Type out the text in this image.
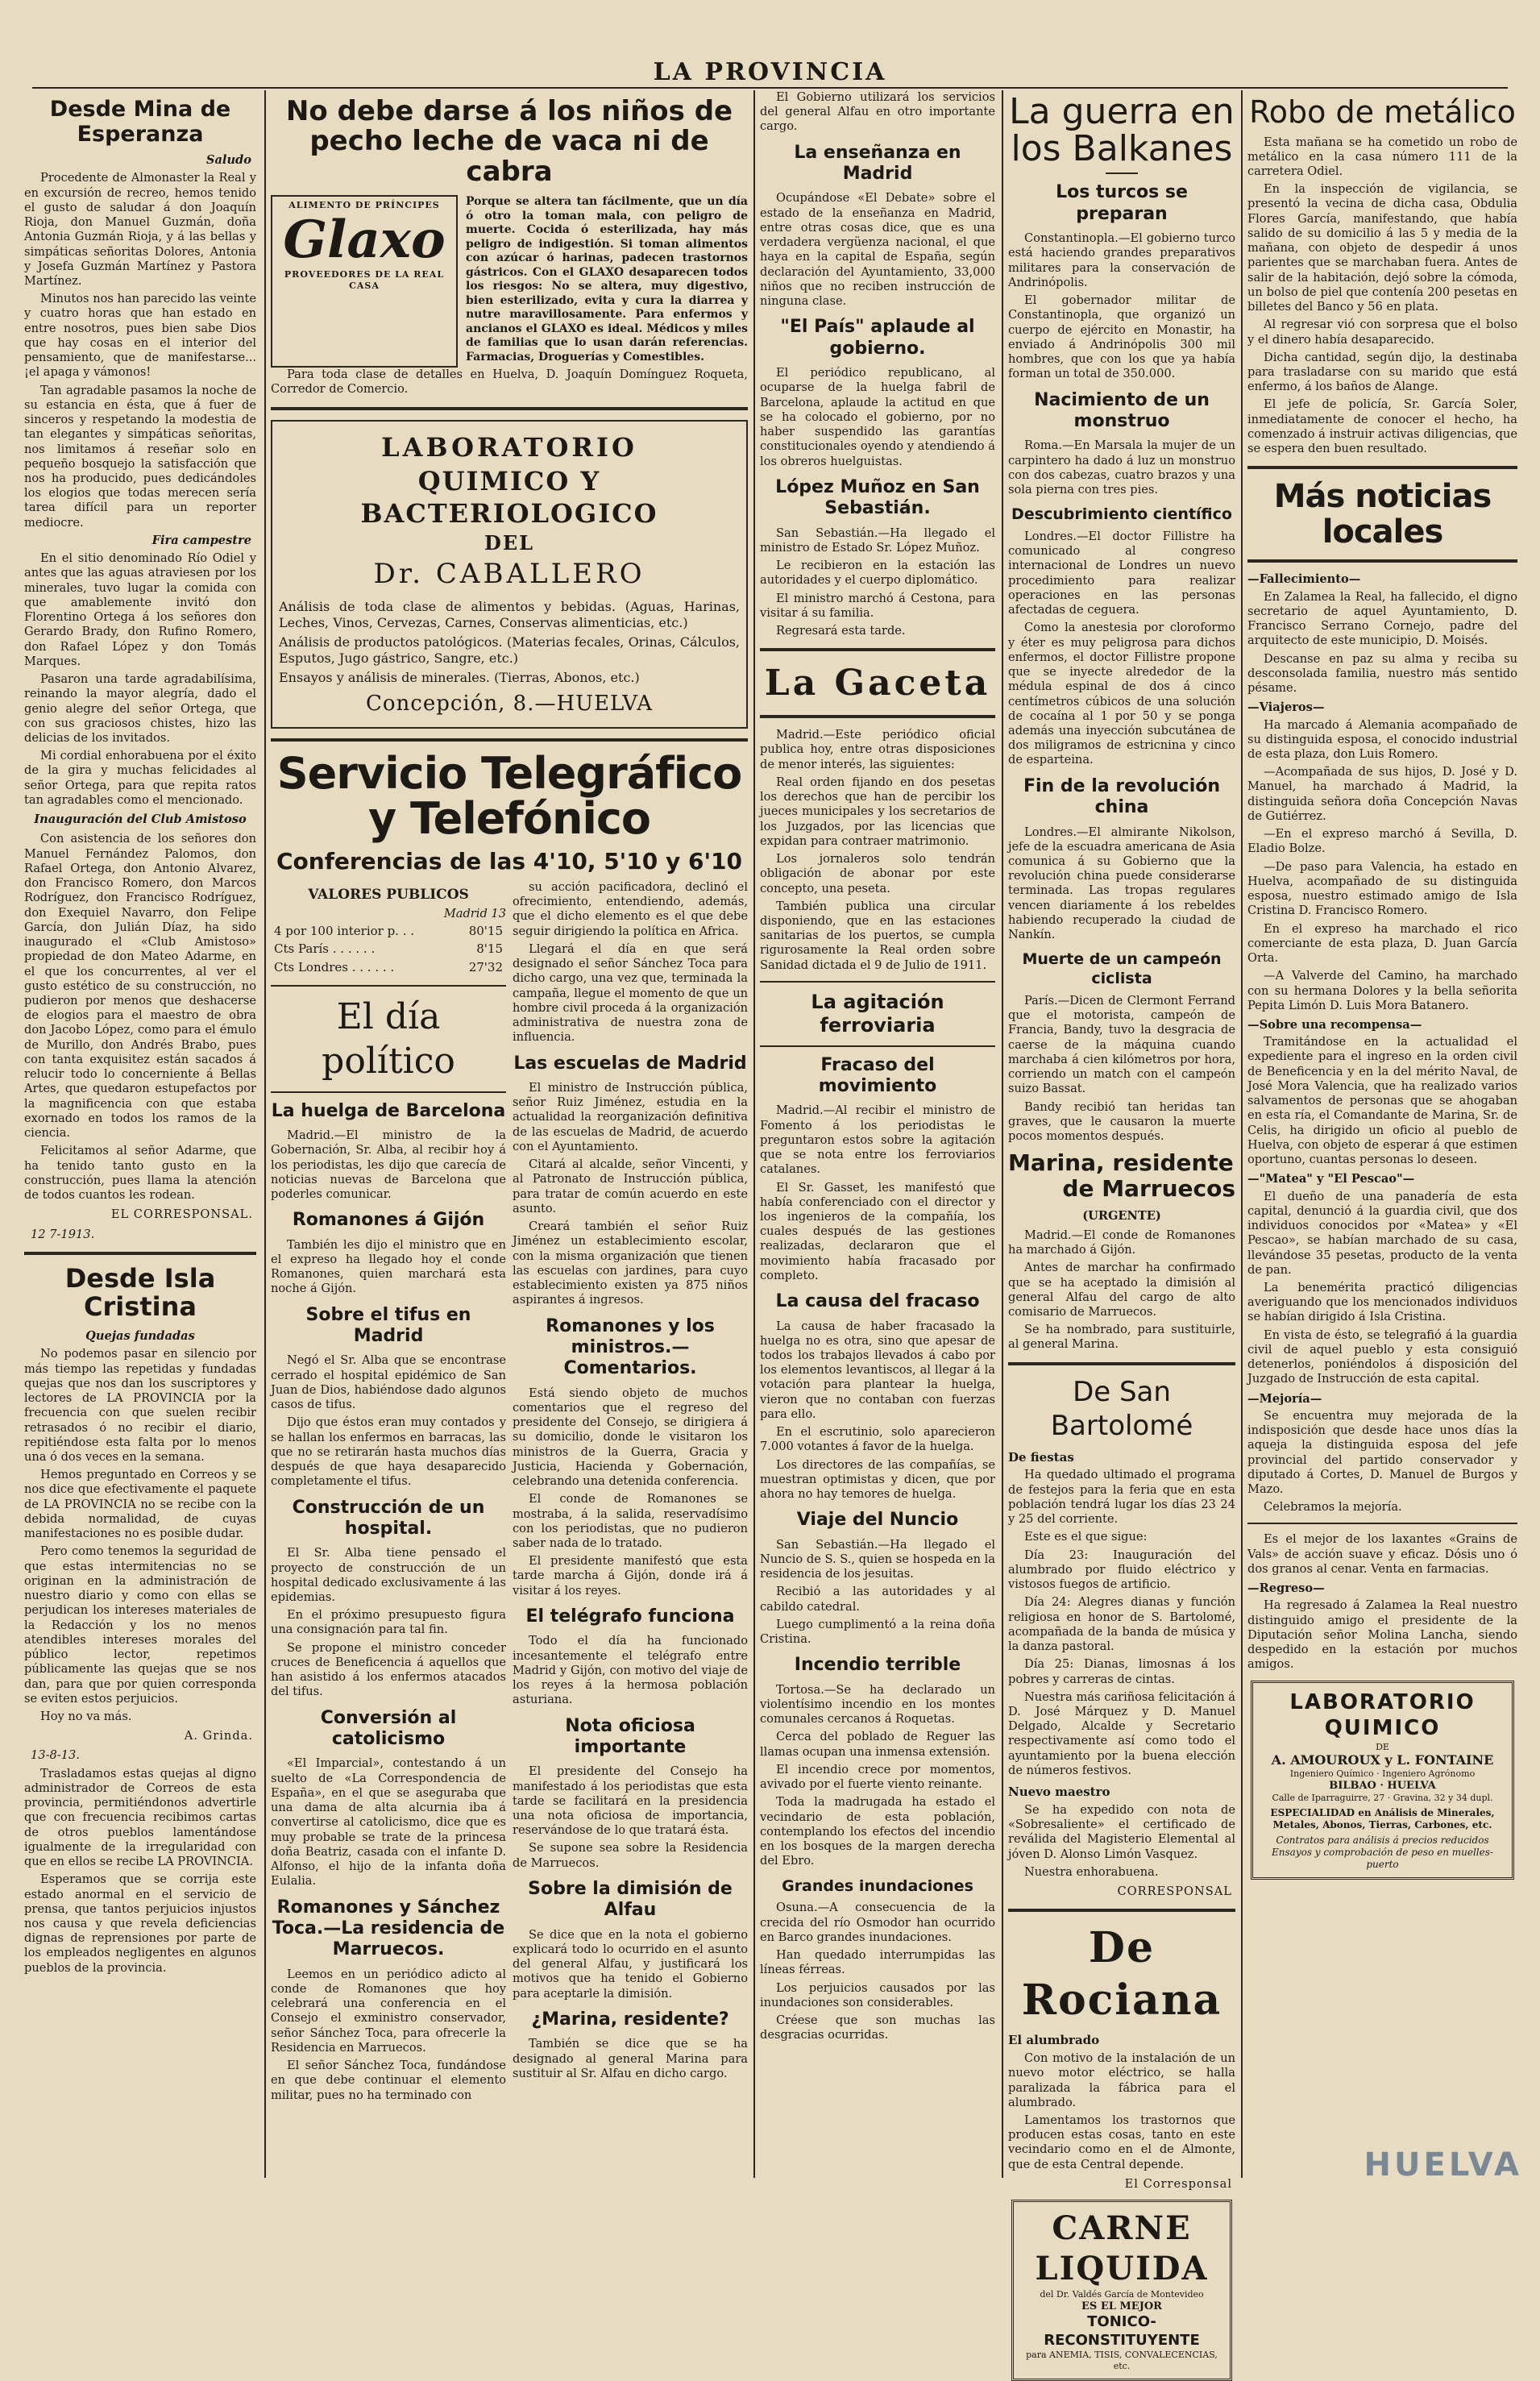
LA PROVINCIA
Desde Mina de Esperanza
Saludo

Procedente de Almonaster la Real y en excursión de recreo, hemos tenido el gusto de saludar á don Joaquín Rioja, don Manuel Guzmán, doña Antonia Guzmán Rioja, y á las bellas y simpáticas señoritas Dolores, Antonia y Josefa Guzmán Martínez y Pastora Martínez.

Minutos nos han parecido las veinte y cuatro horas que han estado en entre nosotros, pues bien sabe Dios que hay cosas en el interior del pensamiento, que de manifestarse... ¡el apaga y vámonos!

Tan agradable pasamos la noche de su estancia en ésta, que á fuer de sinceros y respetando la modestia de tan elegantes y simpáticas señoritas, nos limitamos á reseñar solo en pequeño bosquejo la satisfacción que nos ha producido, pues dedicándoles los elogios que todas merecen sería tarea difícil para un reporter mediocre.

Fira campestre

En el sitio denominado Río Odiel y antes que las aguas atraviesen por los minerales, tuvo lugar la comida con que amablemente invitó don Florentino Ortega á los señores don Gerardo Brady, don Rufino Romero, don Rafael López y don Tomás Marques.

Pasaron una tarde agradabilísima, reinando la mayor alegría, dado el genio alegre del señor Ortega, que con sus graciosos chistes, hizo las delicias de los invitados.

Mi cordial enhorabuena por el éxito de la gira y muchas felicidades al señor Ortega, para que repita ratos tan agradables como el mencionado.

Inauguración del Club Amistoso

Con asistencia de los señores don Manuel Fernández Palomos, don Rafael Ortega, don Antonio Alvarez, don Francisco Romero, don Marcos Rodríguez, don Francisco Rodríguez, don Exequiel Navarro, don Felipe García, don Julián Díaz, ha sido inaugurado el «Club Amistoso» propiedad de don Mateo Adarme, en el que los concurrentes, al ver el gusto estético de su construcción, no pudieron por menos que deshacerse de elogios para el maestro de obra don Jacobo López, como para el émulo de Murillo, don Andrés Brabo, pues con tanta exquisitez están sacados á relucir todo lo concerniente á Bellas Artes, que quedaron estupefactos por la magnificencia con que estaba exornado en todos los ramos de la ciencia.

Felicitamos al señor Adarme, que ha tenido tanto gusto en la construcción, pues llama la atención de todos cuantos les rodean.

EL CORRESPONSAL.
12 7-1913.
Desde Isla Cristina
Quejas fundadas

No podemos pasar en silencio por más tiempo las repetidas y fundadas quejas que nos dan los suscriptores y lectores de LA PROVINCIA por la frecuencia con que suelen recibir retrasados ó no recibir el diario, repitiéndose esta falta por lo menos una ó dos veces en la semana.

Hemos preguntado en Correos y se nos dice que efectivamente el paquete de LA PROVINCIA no se recibe con la debida normalidad, de cuyas manifestaciones no es posible dudar.

Pero como tenemos la seguridad de que estas intermitencias no se originan en la administración de nuestro diario y como con ellas se perjudican los intereses materiales de la Redacción y los no menos atendibles intereses morales del público lector, repetimos públicamente las quejas que se nos dan, para que por quien corresponda se eviten estos perjuicios.

Hoy no va más.

A. Grinda.
13-8-13.

Trasladamos estas quejas al digno administrador de Correos de esta provincia, permitiéndonos advertirle que con frecuencia recibimos cartas de otros pueblos lamentándose igualmente de la irregularidad con que en ellos se recibe LA PROVINCIA.

Esperamos que se corrija este estado anormal en el servicio de prensa, que tantos perjuicios injustos nos causa y que revela deficiencias dignas de reprensiones por parte de los empleados negligentes en algunos pueblos de la provincia.

No debe darse á los niños de pecho leche de vaca ni de cabra
ALIMENTO DE PRÍNCIPES
Glaxo
PROVEEDORES DE LA REAL CASA

Porque se altera tan fácilmente, que un día ó otro la toman mala, con peligro de muerte. Cocida ó esterilizada, hay más peligro de indigestión. Si toman alimentos con azúcar ó harinas, padecen trastornos gástricos. Con el GLAXO desaparecen todos los riesgos: No se altera, muy digestivo, bien esterilizado, evita y cura la diarrea y nutre maravillosamente. Para enfermos y ancianos el GLAXO es ideal. Médicos y miles de familias que lo usan darán referencias. Farmacias, Droguerías y Comestibles.

Para toda clase de detalles en Huelva, D. Joaquín Domínguez Roqueta, Corredor de Comercio.

LABORATORIO
QUIMICO Y BACTERIOLOGICO
DEL
Dr. CABALLERO

Análisis de toda clase de alimentos y bebidas. (Aguas, Harinas, Leches, Vinos, Cervezas, Carnes, Conservas alimenticias, etc.)

Análisis de productos patológicos. (Materias fecales, Orinas, Cálculos, Esputos, Jugo gástrico, Sangre, etc.)

Ensayos y análisis de minerales. (Tierras, Abonos, etc.)

Concepción, 8.—HUELVA
Servicio Telegráfico y Telefónico
Conferencias de las 4'10, 5'10 y 6'10
VALORES PUBLICOS
Madrid 13
4 por 100 interior p. . .	80'15
Cts París . . . . . .	8'15
Cts Londres . . . . . .	27'32
El día político
La huelga de Barcelona

Madrid.—El ministro de la Gobernación, Sr. Alba, al recibir hoy á los periodistas, les dijo que carecía de noticias nuevas de Barcelona que poderles comunicar.

Romanones á Gijón

También les dijo el ministro que en el expreso ha llegado hoy el conde Romanones, quien marchará esta noche á Gijón.

Sobre el tifus en Madrid

Negó el Sr. Alba que se encontrase cerrado el hospital epidémico de San Juan de Dios, habiéndose dado algunos casos de tifus.

Dijo que éstos eran muy contados y se hallan los enfermos en barracas, las que no se retirarán hasta muchos días después de que haya desaparecido completamente el tifus.

Construcción de un hospital.

El Sr. Alba tiene pensado el proyecto de construcción de un hospital dedicado exclusivamente á las epidemias.

En el próximo presupuesto figura una consignación para tal fin.

Se propone el ministro conceder cruces de Beneficencia á aquellos que han asistido á los enfermos atacados del tifus.

Conversión al catolicismo

«El Imparcial», contestando á un suelto de «La Correspondencia de España», en el que se aseguraba que una dama de alta alcurnia iba á convertirse al catolicismo, dice que es muy probable se trate de la princesa doña Beatriz, casada con el infante D. Alfonso, el hijo de la infanta doña Eulalia.

Romanones y Sánchez Toca.—La residencia de Marruecos.

Leemos en un periódico adicto al conde de Romanones que hoy celebrará una conferencia en el Consejo el exministro conservador, señor Sánchez Toca, para ofrecerle la Residencia en Marruecos.

El señor Sánchez Toca, fundándose en que debe continuar el elemento militar, pues no ha terminado con

su acción pacificadora, declinó el ofrecimiento, entendiendo, además, que el dicho elemento es el que debe seguir dirigiendo la política en Africa.

Llegará el día en que será designado el señor Sánchez Toca para dicho cargo, una vez que, terminada la campaña, llegue el momento de que un hombre civil proceda á la organización administrativa de nuestra zona de influencia.

Las escuelas de Madrid

El ministro de Instrucción pública, señor Ruiz Jiménez, estudia en la actualidad la reorganización definitiva de las escuelas de Madrid, de acuerdo con el Ayuntamiento.

Citará al alcalde, señor Vincenti, y al Patronato de Instrucción pública, para tratar de común acuerdo en este asunto.

Creará también el señor Ruiz Jiménez un establecimiento escolar, con la misma organización que tienen las escuelas con jardines, para cuyo establecimiento existen ya 875 niños aspirantes á ingresos.

Romanones y los ministros.—Comentarios.

Está siendo objeto de muchos comentarios que el regreso del presidente del Consejo, se dirigiera á su domicilio, donde le visitaron los ministros de la Guerra, Gracia y Justicia, Hacienda y Gobernación, celebrando una detenida conferencia.

El conde de Romanones se mostraba, á la salida, reservadísimo con los periodistas, que no pudieron saber nada de lo tratado.

El presidente manifestó que esta tarde marcha á Gijón, donde irá á visitar á los reyes.

El telégrafo funciona

Todo el día ha funcionado incesantemente el telégrafo entre Madrid y Gijón, con motivo del viaje de los reyes á la hermosa población asturiana.

Nota oficiosa importante

El presidente del Consejo ha manifestado á los periodistas que esta tarde se facilitará en la presidencia una nota oficiosa de importancia, reservándose de lo que tratará ésta.

Se supone sea sobre la Residencia de Marruecos.

Sobre la dimisión de Alfau

Se dice que en la nota el gobierno explicará todo lo ocurrido en el asunto del general Alfau, y justificará los motivos que ha tenido el Gobierno para aceptarle la dimisión.

¿Marina, residente?

También se dice que se ha designado al general Marina para sustituir al Sr. Alfau en dicho cargo.

El Gobierno utilizará los servicios del general Alfau en otro importante cargo.

La enseñanza en Madrid

Ocupándose «El Debate» sobre el estado de la enseñanza en Madrid, entre otras cosas dice, que es una verdadera vergüenza nacional, el que haya en la capital de España, según declaración del Ayuntamiento, 33,000 niños que no reciben instrucción de ninguna clase.

"El País" aplaude al gobierno.

El periódico republicano, al ocuparse de la huelga fabril de Barcelona, aplaude la actitud en que se ha colocado el gobierno, por no haber suspendido las garantías constitucionales oyendo y atendiendo á los obreros huelguistas.

López Muñoz en San Sebastián.

San Sebastián.—Ha llegado el ministro de Estado Sr. López Muñoz.

Le recibieron en la estación las autoridades y el cuerpo diplomático.

El ministro marchó á Cestona, para visitar á su familia.

Regresará esta tarde.

La Gaceta

Madrid.—Este periódico oficial publica hoy, entre otras disposiciones de menor interés, las siguientes:

Real orden fijando en dos pesetas los derechos que han de percibir los jueces municipales y los secretarios de los Juzgados, por las licencias que expidan para contraer matrimonio.

Los jornaleros solo tendrán obligación de abonar por este concepto, una peseta.

También publica una circular disponiendo, que en las estaciones sanitarias de los puertos, se cumpla rigurosamente la Real orden sobre Sanidad dictada el 9 de Julio de 1911.

La agitación ferroviaria
Fracaso del movimiento

Madrid.—Al recibir el ministro de Fomento á los periodistas le preguntaron estos sobre la agitación que se nota entre los ferroviarios catalanes.

El Sr. Gasset, les manifestó que había conferenciado con el director y los ingenieros de la compañía, los cuales después de las gestiones realizadas, declararon que el movimiento había fracasado por completo.

La causa del fracaso

La causa de haber fracasado la huelga no es otra, sino que apesar de todos los trabajos llevados á cabo por los elementos levantiscos, al llegar á la votación para plantear la huelga, vieron que no contaban con fuerzas para ello.

En el escrutinio, solo aparecieron 7.000 votantes á favor de la huelga.

Los directores de las compañías, se muestran optimistas y dicen, que por ahora no hay temores de huelga.

Viaje del Nuncio

San Sebastián.—Ha llegado el Nuncio de S. S., quien se hospeda en la residencia de los jesuitas.

Recibió a las autoridades y al cabildo catedral.

Luego cumplimentó a la reina doña Cristina.

Incendio terrible

Tortosa.—Se ha declarado un violentísimo incendio en los montes comunales cercanos á Roquetas.

Cerca del poblado de Reguer las llamas ocupan una inmensa extensión.

El incendio crece por momentos, avivado por el fuerte viento reinante.

Toda la madrugada ha estado el vecindario de esta población, contemplando los efectos del incendio en los bosques de la margen derecha del Ebro.

Grandes inundaciones

Osuna.—A consecuencia de la crecida del río Osmodor han ocurrido en Barco grandes inundaciones.

Han quedado interrumpidas las líneas férreas.

Los perjuicios causados por las inundaciones son considerables.

Créese que son muchas las desgracias ocurridas.

La guerra en los Balkanes
Los turcos se preparan

Constantinopla.—El gobierno turco está haciendo grandes preparativos militares para la conservación de Andrinópolis.

El gobernador militar de Constantinopla, que organizó un cuerpo de ejército en Monastir, ha enviado á Andrinópolis 300 mil hombres, que con los que ya había forman un total de 350.000.

Nacimiento de un monstruo

Roma.—En Marsala la mujer de un carpintero ha dado á luz un monstruo con dos cabezas, cuatro brazos y una sola pierna con tres pies.

Descubrimiento científico

Londres.—El doctor Fillistre ha comunicado al congreso internacional de Londres un nuevo procedimiento para realizar operaciones en las personas afectadas de ceguera.

Como la anestesia por cloroformo y éter es muy peligrosa para dichos enfermos, el doctor Fillistre propone que se inyecte alrededor de la médula espinal de dos á cinco centímetros cúbicos de una solución de cocaína al 1 por 50 y se ponga además una inyección subcutánea de dos miligramos de estricnina y cinco de esparteina.

Fin de la revolución china

Londres.—El almirante Nikolson, jefe de la escuadra americana de Asia comunica á su Gobierno que la revolución china puede considerarse terminada. Las tropas regulares vencen diariamente á los rebeldes habiendo recuperado la ciudad de Nankín.

Muerte de un campeón ciclista

París.—Dicen de Clermont Ferrand que el motorista, campeón de Francia, Bandy, tuvo la desgracia de caerse de la máquina cuando marchaba á cien kilómetros por hora, corriendo un match con el campeón suizo Bassat.

Bandy recibió tan heridas tan graves, que le causaron la muerte pocos momentos después.

Marina, residente
de Marruecos
(URGENTE)

Madrid.—El conde de Romanones ha marchado á Gijón.

Antes de marchar ha confirmado que se ha aceptado la dimisión al general Alfau del cargo de alto comisario de Marruecos.

Se ha nombrado, para sustituirle, al general Marina.

De San Bartolomé
De fiestas

Ha quedado ultimado el programa de festejos para la feria que en esta población tendrá lugar los días 23 24 y 25 del corriente.

Este es el que sigue:

Día 23: Inauguración del alumbrado por fluido eléctrico y vistosos fuegos de artificio.

Día 24: Alegres dianas y función religiosa en honor de S. Bartolomé, acompañada de la banda de música y la danza pastoral.

Día 25: Dianas, limosnas á los pobres y carreras de cintas.

Nuestra más cariñosa felicitación á D. José Márquez y D. Manuel Delgado, Alcalde y Secretario respectivamente así como todo el ayuntamiento por la buena elección de números festivos.

Nuevo maestro

Se ha expedido con nota de «Sobresaliente» el certificado de reválida del Magisterio Elemental al jóven D. Alonso Limón Vasquez.

Nuestra enhorabuena.

CORRESPONSAL
De Rociana
El alumbrado

Con motivo de la instalación de un nuevo motor eléctrico, se halla paralizada la fábrica para el alumbrado.

Lamentamos los trastornos que producen estas cosas, tanto en este vecindario como en el de Almonte, que de esta Central depende.

El Corresponsal
CARNE LIQUIDA
del Dr. Valdés García de Montevideo
ES EL MEJOR
TONICO-RECONSTITUYENTE
para ANEMIA, TISIS, CONVALECENCIAS, etc.
Robo de metálico

Esta mañana se ha cometido un robo de metálico en la casa número 111 de la carretera Odiel.

En la inspección de vigilancia, se presentó la vecina de dicha casa, Obdulia Flores García, manifestando, que había salido de su domicilio á las 5 y media de la mañana, con objeto de despedir á unos parientes que se marchaban fuera. Antes de salir de la habitación, dejó sobre la cómoda, un bolso de piel que contenía 200 pesetas en billetes del Banco y 56 en plata.

Al regresar vió con sorpresa que el bolso y el dinero había desaparecido.

Dicha cantidad, según dijo, la destinaba para trasladarse con su marido que está enfermo, á los baños de Alange.

El jefe de policía, Sr. García Soler, inmediatamente de conocer el hecho, ha comenzado á instruir activas diligencias, que se espera den buen resultado.

Más noticias locales
—Fallecimiento—

En Zalamea la Real, ha fallecido, el digno secretario de aquel Ayuntamiento, D. Francisco Serrano Cornejo, padre del arquitecto de este municipio, D. Moisés.

Descanse en paz su alma y reciba su desconsolada familia, nuestro más sentido pésame.

—Viajeros—

Ha marcado á Alemania acompañado de su distinguida esposa, el conocido industrial de esta plaza, don Luis Romero.

—Acompañada de sus hijos, D. José y D. Manuel, ha marchado á Madrid, la distinguida señora doña Concepción Navas de Gutiérrez.

—En el expreso marchó á Sevilla, D. Eladio Bolze.

—De paso para Valencia, ha estado en Huelva, acompañado de su distinguida esposa, nuestro estimado amigo de Isla Cristina D. Francisco Romero.

En el expreso ha marchado el rico comerciante de esta plaza, D. Juan García Orta.

—A Valverde del Camino, ha marchado con su hermana Dolores y la bella señorita Pepita Limón D. Luis Mora Batanero.

—Sobre una recompensa—

Tramitándose en la actualidad el expediente para el ingreso en la orden civil de Beneficencia y en la del mérito Naval, de José Mora Valencia, que ha realizado varios salvamentos de personas que se ahogaban en esta ría, el Comandante de Marina, Sr. de Celis, ha dirigido un oficio al pueblo de Huelva, con objeto de esperar á que estimen oportuno, cuantas personas lo deseen.

—"Matea" y "El Pescao"—

El dueño de una panadería de esta capital, denunció á la guardia civil, que dos individuos conocidos por «Matea» y «El Pescao», se habían marchado de su casa, llevándose 35 pesetas, producto de la venta de pan.

La benemérita practicó diligencias averiguando que los mencionados individuos se habían dirigido á Isla Cristina.

En vista de ésto, se telegrafió á la guardia civil de aquel pueblo y esta consiguió detenerlos, poniéndolos á disposición del Juzgado de Instrucción de esta capital.

—Mejoría—

Se encuentra muy mejorada de la indisposición que desde hace unos días la aqueja la distinguida esposa del jefe provincial del partido conservador y diputado á Cortes, D. Manuel de Burgos y Mazo.

Celebramos la mejoría.

Es el mejor de los laxantes «Grains de Vals» de acción suave y eficaz. Dósis uno ó dos granos al cenar. Venta en farmacias.

—Regreso—

Ha regresado á Zalamea la Real nuestro distinguido amigo el presidente de la Diputación señor Molina Lancha, siendo despedido en la estación por muchos amigos.

LABORATORIO QUIMICO
DE
A. AMOUROUX y L. FONTAINE
Ingeniero Químico · Ingeniero Agrónomo
BILBAO · HUELVA
Calle de Iparraguirre, 27 · Gravina, 32 y 34 dupl.
ESPECIALIDAD en Análisis de Minerales, Metales, Abonos, Tierras, Carbones, etc.
Contratos para análisis á precios reducidos
Ensayos y comprobación de peso en muelles-puerto
HUELVA
